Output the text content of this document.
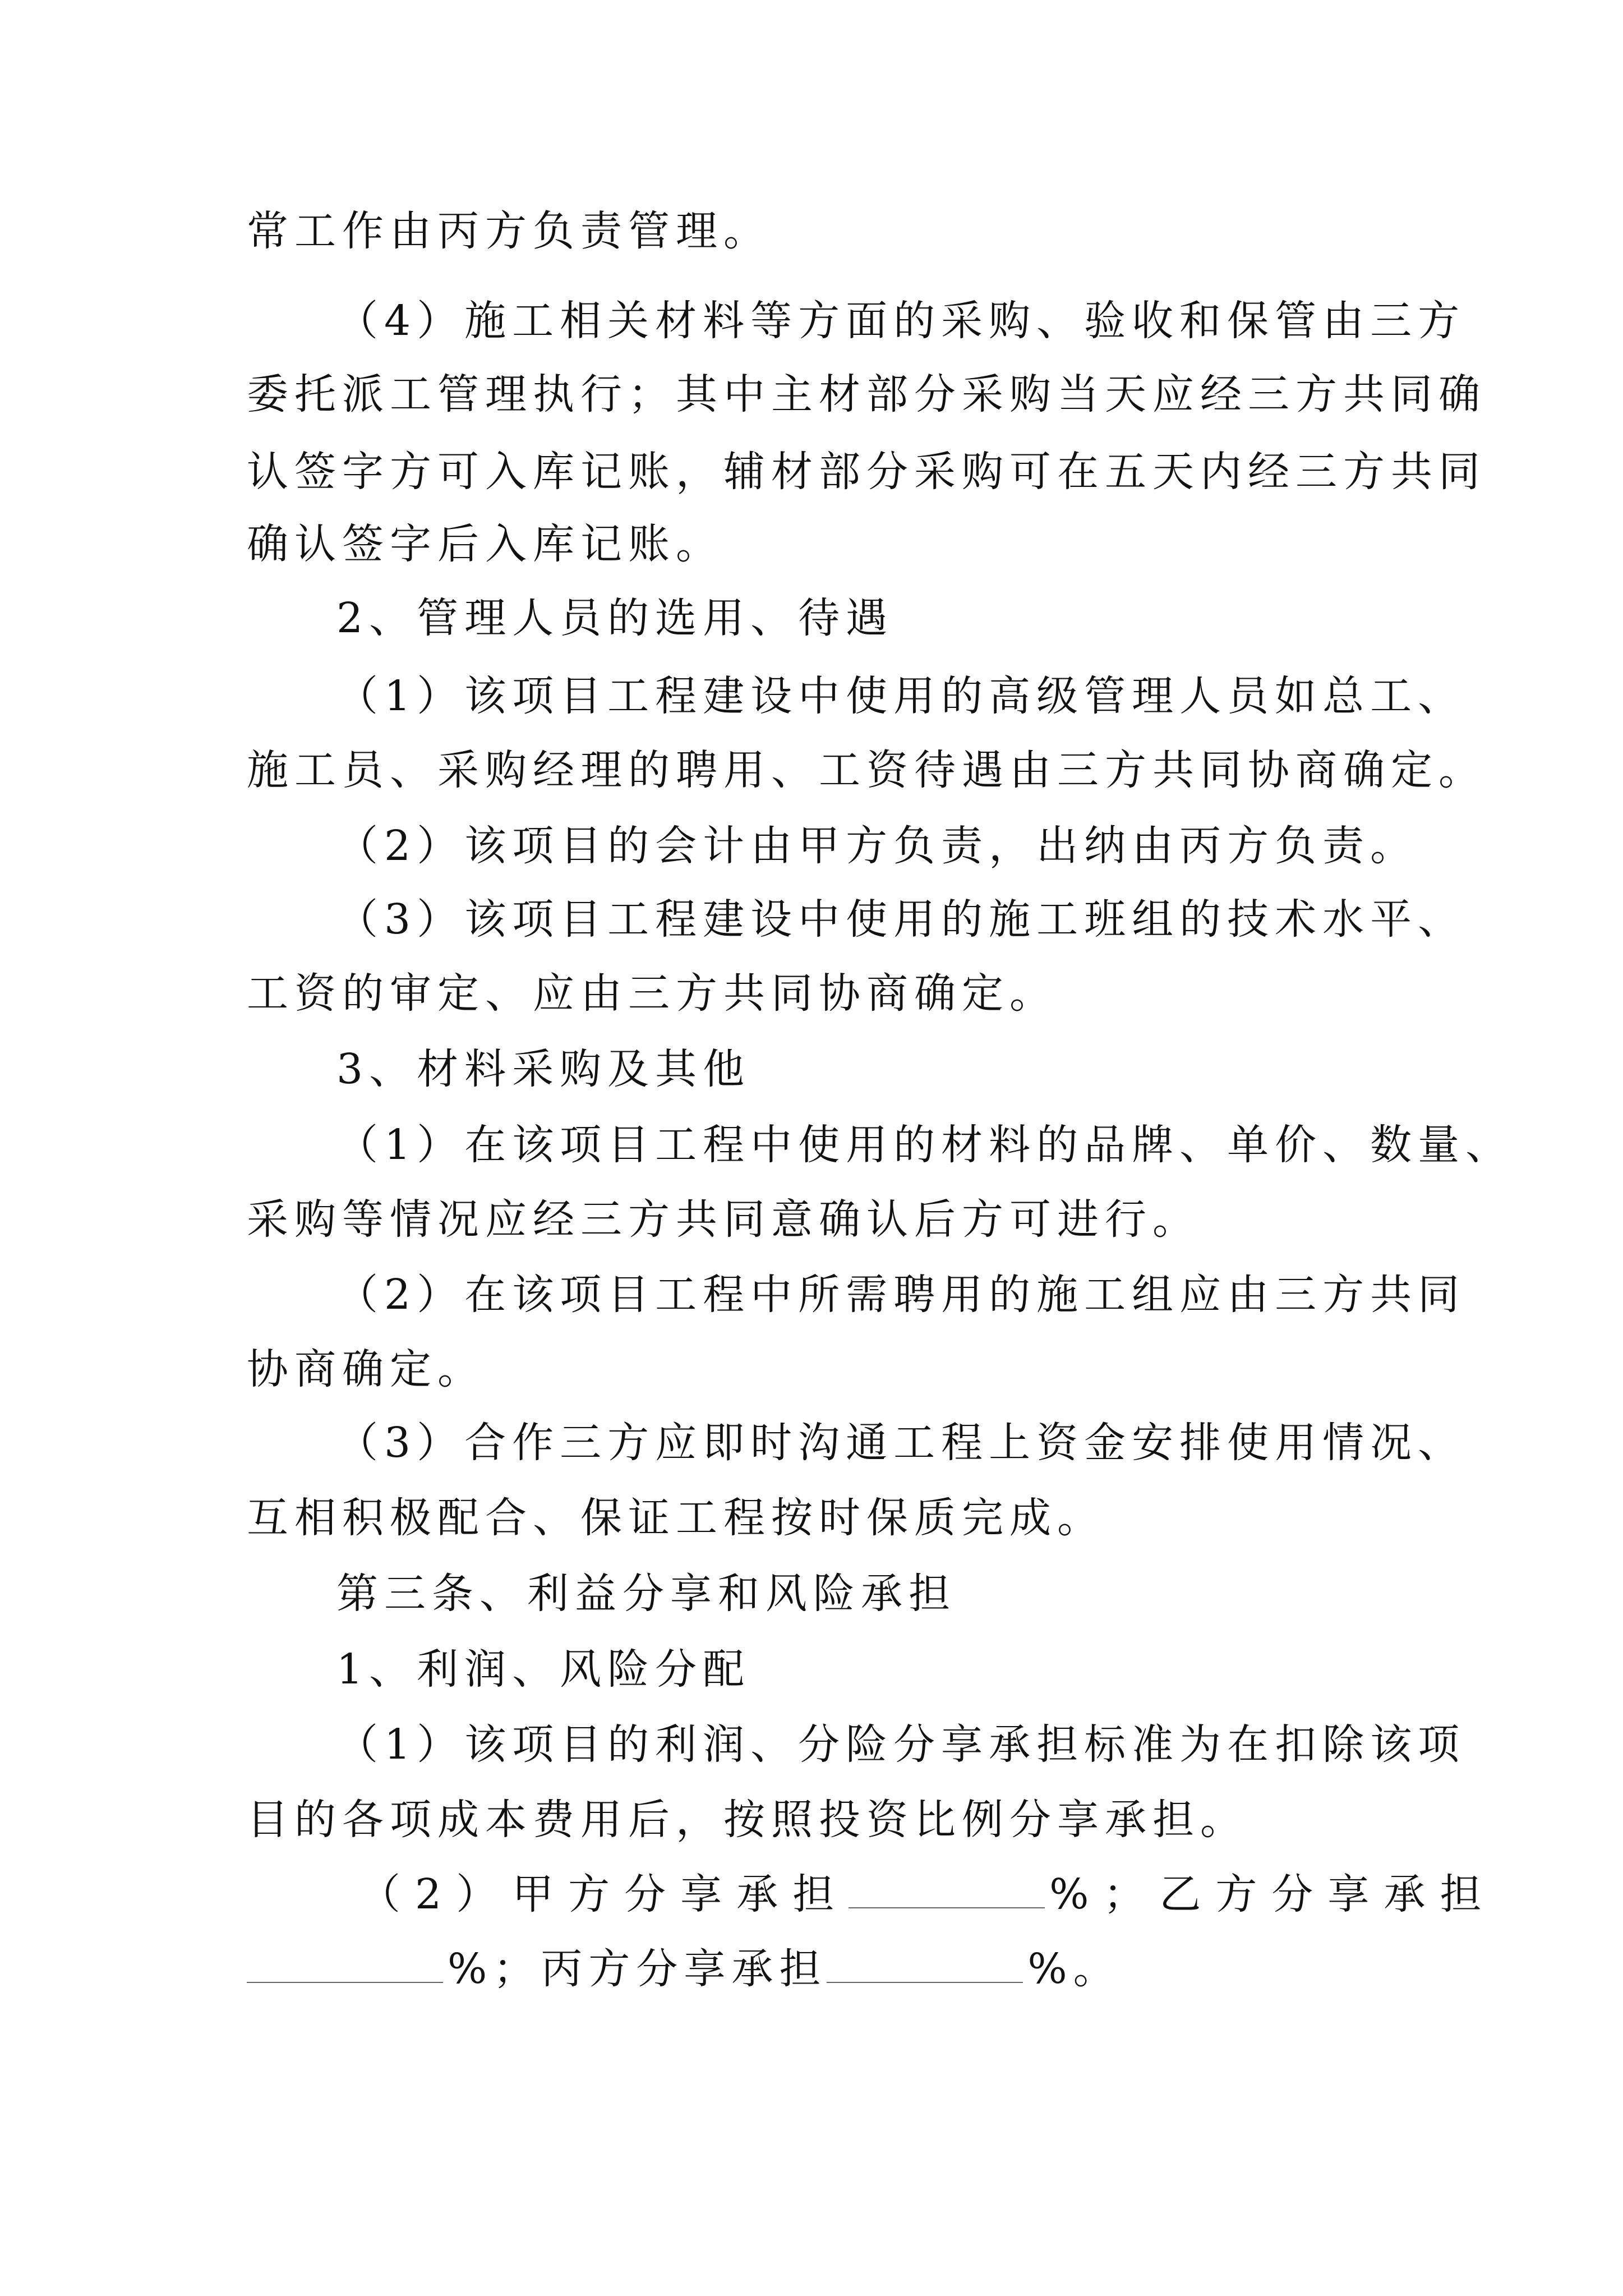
常工作由丙方负责管理。
（4）施工相关材料等方面的采购、验收和保管由三方
委托派工管理执行；其中主材部分采购当天应经三方共同确
认签字方可入库记账，辅材部分采购可在五天内经三方共同
确认签字后入库记账。
2、管理人员的选用、待遇
（1）该项目工程建设中使用的高级管理人员如总工、
施工员、采购经理的聘用、工资待遇由三方共同协商确定。
（2）该项目的会计由甲方负责，出纳由丙方负责。
（3）该项目工程建设中使用的施工班组的技术水平、
工资的审定、应由三方共同协商确定。
3、材料采购及其他
（1）在该项目工程中使用的材料的品牌、单价、数量、
采购等情况应经三方共同意确认后方可进行。
（2）在该项目工程中所需聘用的施工组应由三方共同
协商确定。
（3）合作三方应即时沟通工程上资金安排使用情况、
互相积极配合、保证工程按时保质完成。
第三条、利益分享和风险承担
1、利润、风险分配
（1）该项目的利润、分险分享承担标准为在扣除该项
目的各项成本费用后，按照投资比例分享承担。
（2）甲方分享承担	%；乙方分享承担
%；丙方分享承担	%。
